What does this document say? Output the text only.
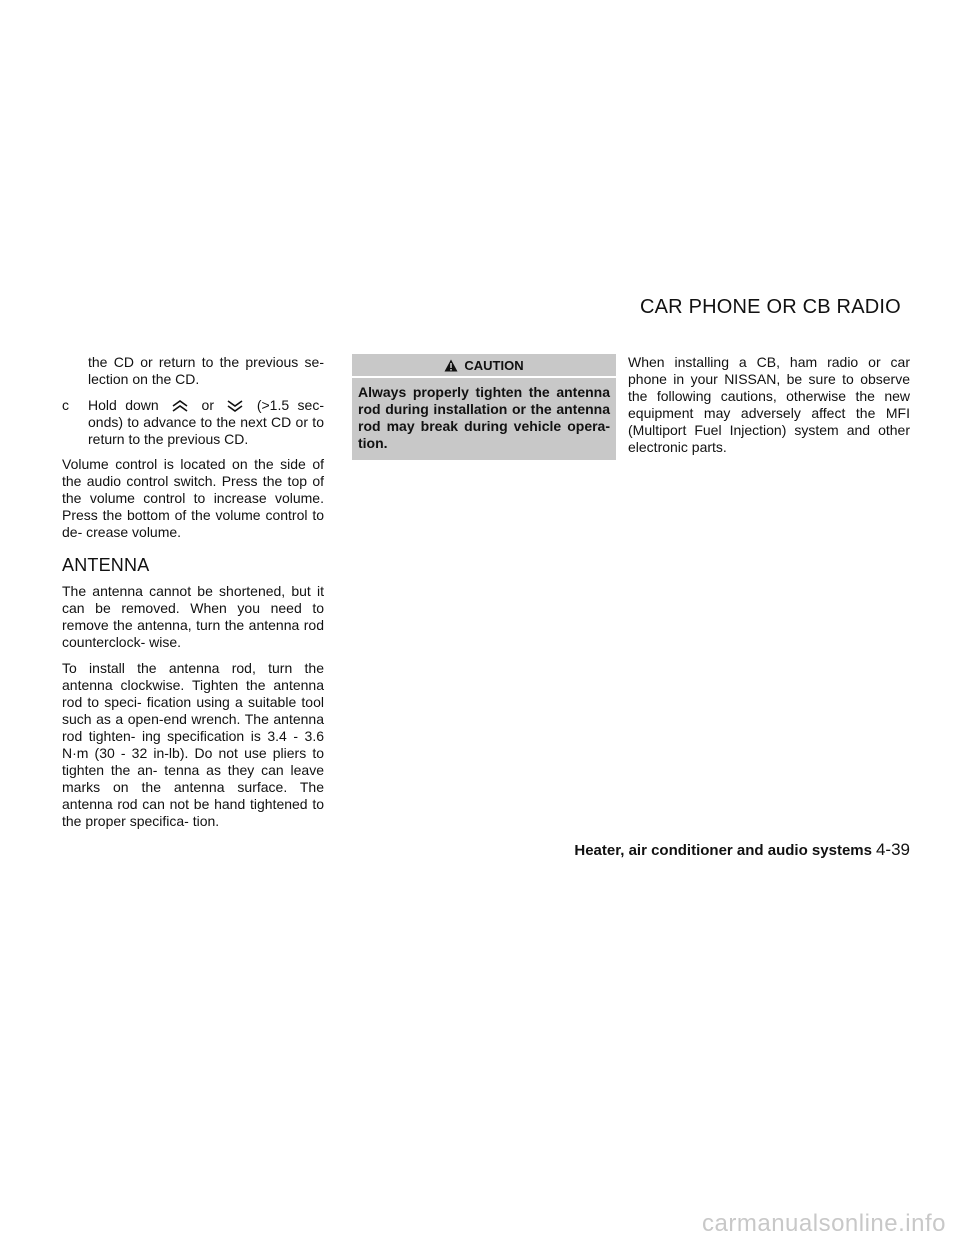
CAR PHONE OR CB RADIO

the CD or return to the previous se- lection on the CD.

c	Hold down	or	(>1.5 sec- onds) to advance to the next CD or to return to the previous CD.

Volume control is located on the side of the audio control switch. Press the top of the volume control to increase volume. Press the bottom of the volume control to de- crease volume.

ANTENNA

The antenna cannot be shortened, but it can be removed. When you need to remove the antenna, turn the antenna rod counterclock- wise.

To install the antenna rod, turn the antenna clockwise. Tighten the antenna rod to speci- fication using a suitable tool such as a open-end wrench. The antenna rod tighten- ing specification is 3.4 - 3.6 N·m (30 - 32 in-lb). Do not use pliers to tighten the an- tenna as they can leave marks on the antenna surface. The antenna rod can not be hand tightened to the proper specifica- tion.

CAUTION
Always properly tighten the antenna rod during installation or the antenna rod may break during vehicle opera- tion.

When installing a CB, ham radio or car phone in your NISSAN, be sure to observe the following cautions, otherwise the new equipment may adversely affect the MFI (Multiport Fuel Injection) system and other electronic parts.

Heater, air conditioner and audio systems 4-39
carmanualsonline.info
